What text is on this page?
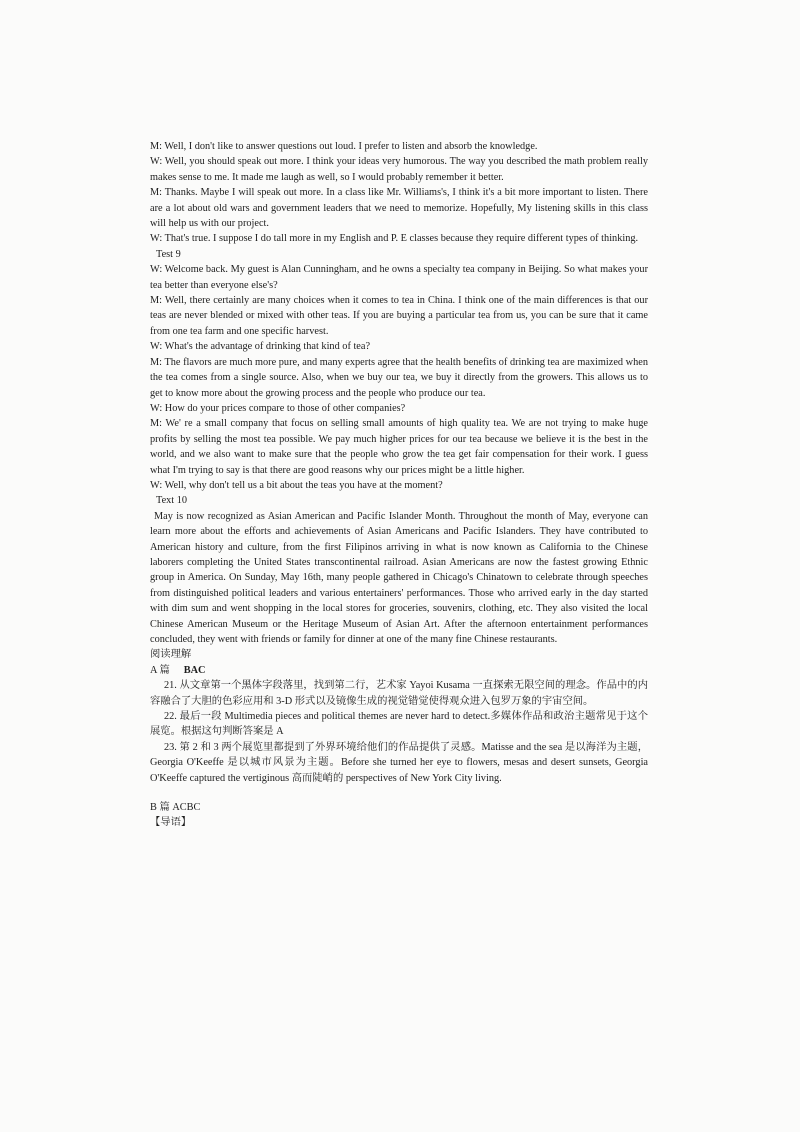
M: Well, I don't like to answer questions out loud. I prefer to listen and absorb the knowledge.

W: Well, you should speak out more. I think your ideas very humorous. The way you described the math problem really makes sense to me. It made me laugh as well, so I would probably remember it better.

M: Thanks. Maybe I will speak out more. In a class like Mr. Williams's, I think it's a bit more important to listen. There are a lot about old wars and government leaders that we need to memorize. Hopefully, My listening skills in this class will help us with our project.

W: That's true. I suppose I do tall more in my English and P. E classes because they require different types of thinking.

Test 9

W: Welcome back. My guest is Alan Cunningham, and he owns a specialty tea company in Beijing. So what makes your tea better than everyone else's?

M: Well, there certainly are many choices when it comes to tea in China. I think one of the main differences is that our teas are never blended or mixed with other teas. If you are buying a particular tea from us, you can be sure that it came from one tea farm and one specific harvest.

W: What's the advantage of drinking that kind of tea?

M: The flavors are much more pure, and many experts agree that the health benefits of drinking tea are maximized when the tea comes from a single source. Also, when we buy our tea, we buy it directly from the growers. This allows us to get to know more about the growing process and the people who produce our tea.

W: How do your prices compare to those of other companies?

M: We' re a small company that focus on selling small amounts of high quality tea. We are not trying to make huge profits by selling the most tea possible. We pay much higher prices for our tea because we believe it is the best in the world, and we also want to make sure that the people who grow the tea get fair compensation for their work. I guess what I'm trying to say is that there are good reasons why our prices might be a little higher.

W: Well, why don't tell us a bit about the teas you have at the moment?

Text 10

May is now recognized as Asian American and Pacific Islander Month. Throughout the month of May, everyone can learn more about the efforts and achievements of Asian Americans and Pacific Islanders. They have contributed to American history and culture, from the first Filipinos arriving in what is now known as California to the Chinese laborers completing the United States transcontinental railroad. Asian Americans are now the fastest growing Ethnic group in America. On Sunday, May 16th, many people gathered in Chicago's Chinatown to celebrate through speeches from distinguished political leaders and various entertainers' performances. Those who arrived early in the day started with dim sum and went shopping in the local stores for groceries, souvenirs, clothing, etc. They also visited the local Chinese American Museum or the Heritage Museum of Asian Art. After the afternoon entertainment performances concluded, they went with friends or family for dinner at one of the many fine Chinese restaurants.

阅读理解

A 篇 BAC

21. 从文章第一个黑体字段落里，找到第二行，艺术家 Yayoi Kusama 一直探索无限空间的理念。作品中的内容融合了大胆的色彩应用和 3-D 形式以及镜像生成的视觉错觉使得观众进入包罗万象的宇宙空间。

22. 最后一段 Multimedia pieces and political themes are never hard to detect.多媒体作品和政治主题常见于这个展览。根据这句判断答案是 A

23. 第 2 和 3 两个展览里都提到了外界环境给他们的作品提供了灵感。Matisse and the sea 是以海洋为主题，Georgia O'Keeffe 是以城市风景为主题。Before she turned her eye to flowers, mesas and desert sunsets, Georgia O'Keeffe captured the vertiginous 高而陡峭的 perspectives of New York City living.

B 篇 ACBC

【导语】
